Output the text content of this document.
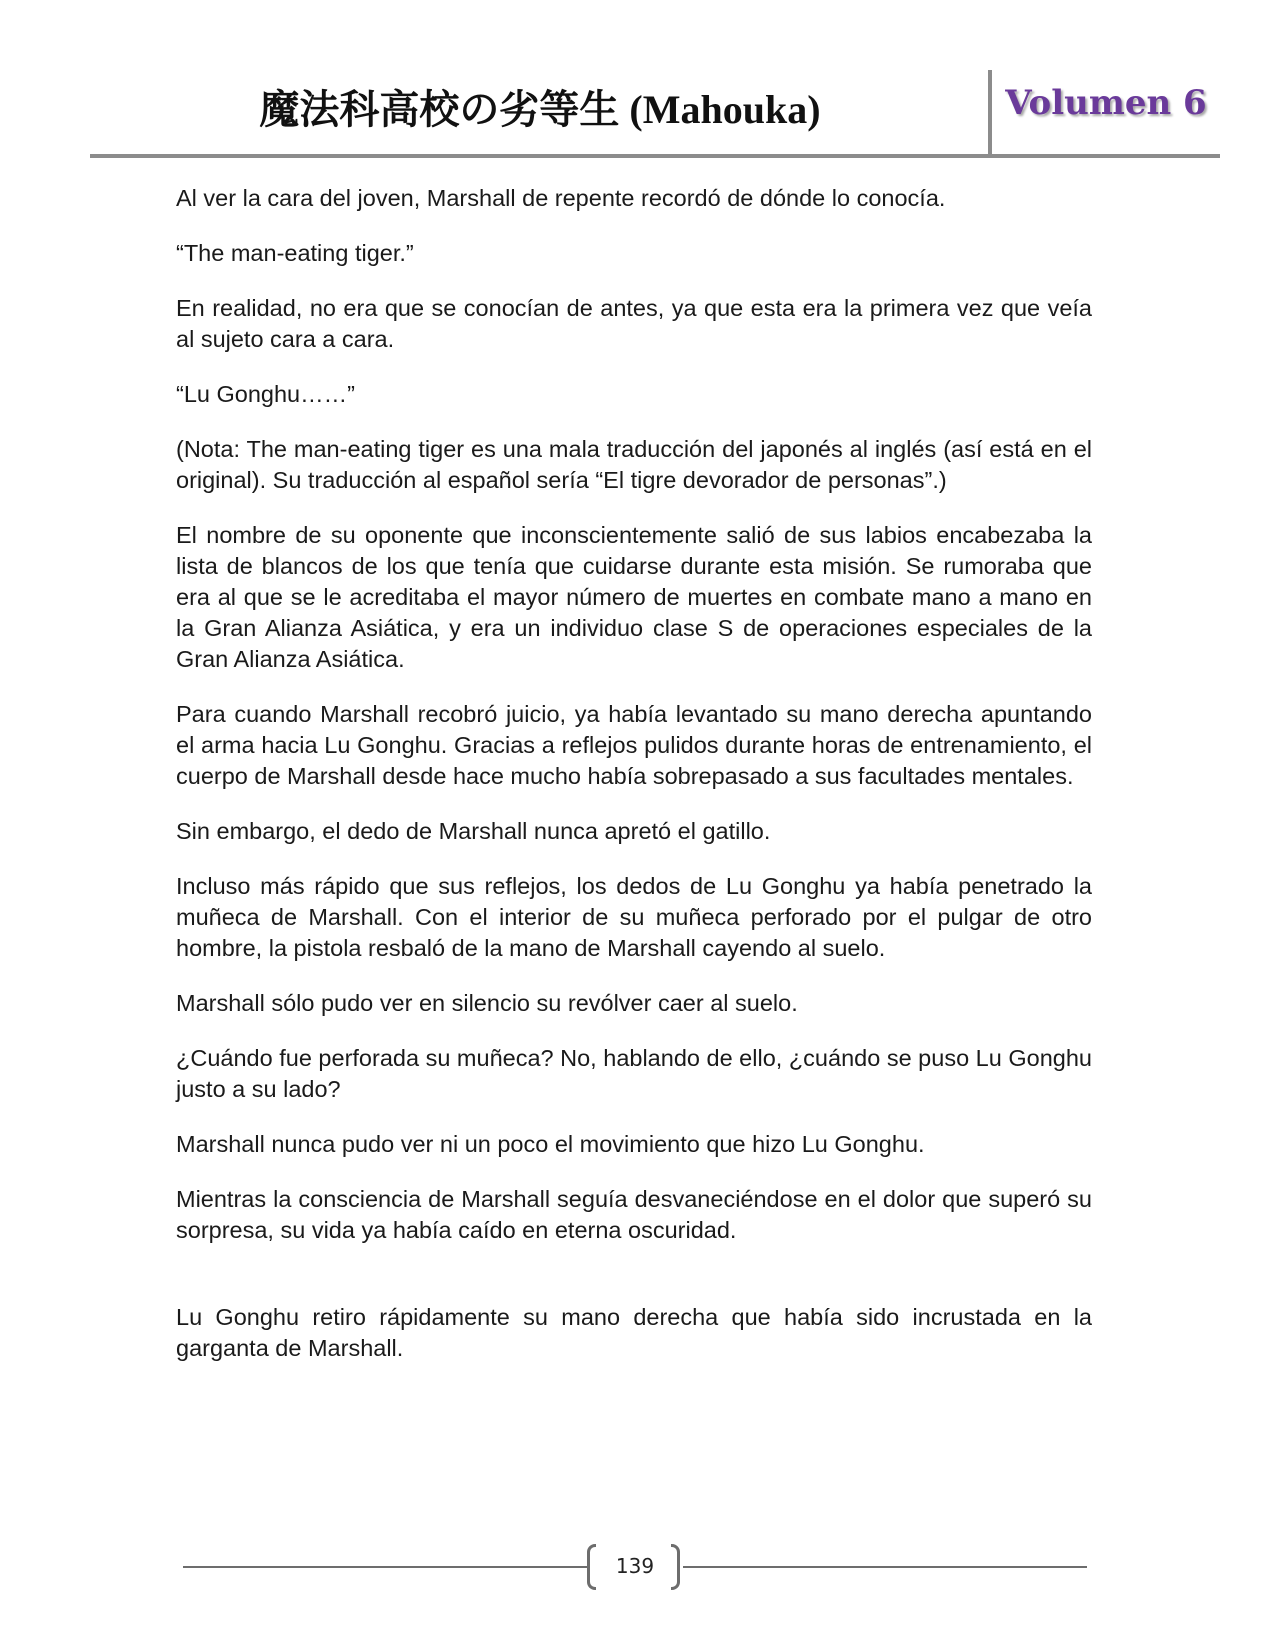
魔法科高校の劣等生 (Mahouka)	Volumen 6

Al ver la cara del joven, Marshall de repente recordó de dónde lo conocía.

“The man-eating tiger.”

En realidad, no era que se conocían de antes, ya que esta era la primera vez que veía al sujeto cara a cara.

“Lu Gonghu……”

(Nota: The man-eating tiger es una mala traducción del japonés al inglés (así está en el original). Su traducción al español sería “El tigre devorador de personas”.)

El nombre de su oponente que inconscientemente salió de sus labios encabezaba la lista de blancos de los que tenía que cuidarse durante esta misión. Se rumoraba que era al que se le acreditaba el mayor número de muertes en combate mano a mano en la Gran Alianza Asiática, y era un individuo clase S de operaciones especiales de la Gran Alianza Asiática.

Para cuando Marshall recobró juicio, ya había levantado su mano derecha apuntando el arma hacia Lu Gonghu. Gracias a reflejos pulidos durante horas de entrenamiento, el cuerpo de Marshall desde hace mucho había sobrepasado a sus facultades mentales.

Sin embargo, el dedo de Marshall nunca apretó el gatillo.

Incluso más rápido que sus reflejos, los dedos de Lu Gonghu ya había penetrado la muñeca de Marshall. Con el interior de su muñeca perforado por el pulgar de otro hombre, la pistola resbaló de la mano de Marshall cayendo al suelo.

Marshall sólo pudo ver en silencio su revólver caer al suelo.

¿Cuándo fue perforada su muñeca? No, hablando de ello, ¿cuándo se puso Lu Gonghu justo a su lado?

Marshall nunca pudo ver ni un poco el movimiento que hizo Lu Gonghu.

Mientras la consciencia de Marshall seguía desvaneciéndose en el dolor que superó su sorpresa, su vida ya había caído en eterna oscuridad.

Lu Gonghu retiro rápidamente su mano derecha que había sido incrustada en la garganta de Marshall.

139
